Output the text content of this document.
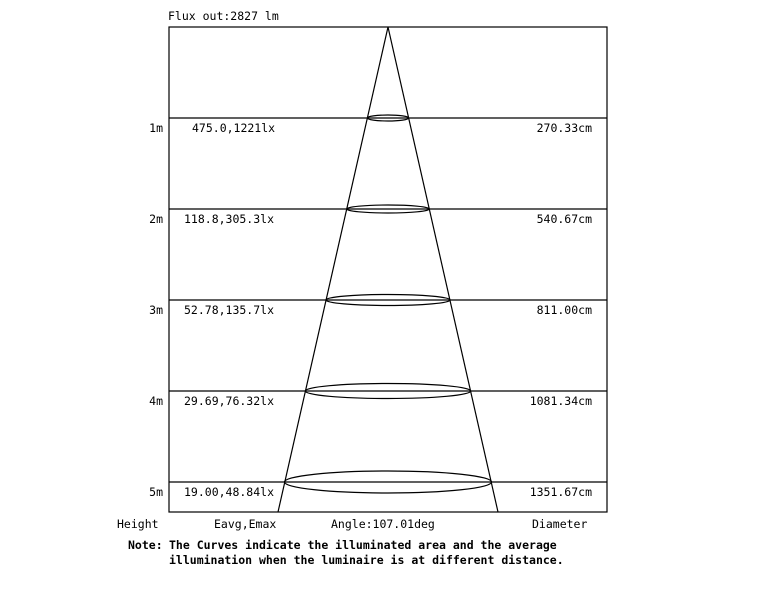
Flux out:2827 lm
1m	475.0,1221lx	270.33cm
2m 118.8,305.3lx	540.67cm
3m 52.78,135.7lx	811.00cm
4m 29.69,76.32lx	1081.34cm
5m 19.00,48.84lx	1351.67cm
Height	Eavg,Emax	Angle:107.01deg	Diameter
Note: The Curves indicate the illuminated area and the average
illumination when the luminaire is at different distance.
